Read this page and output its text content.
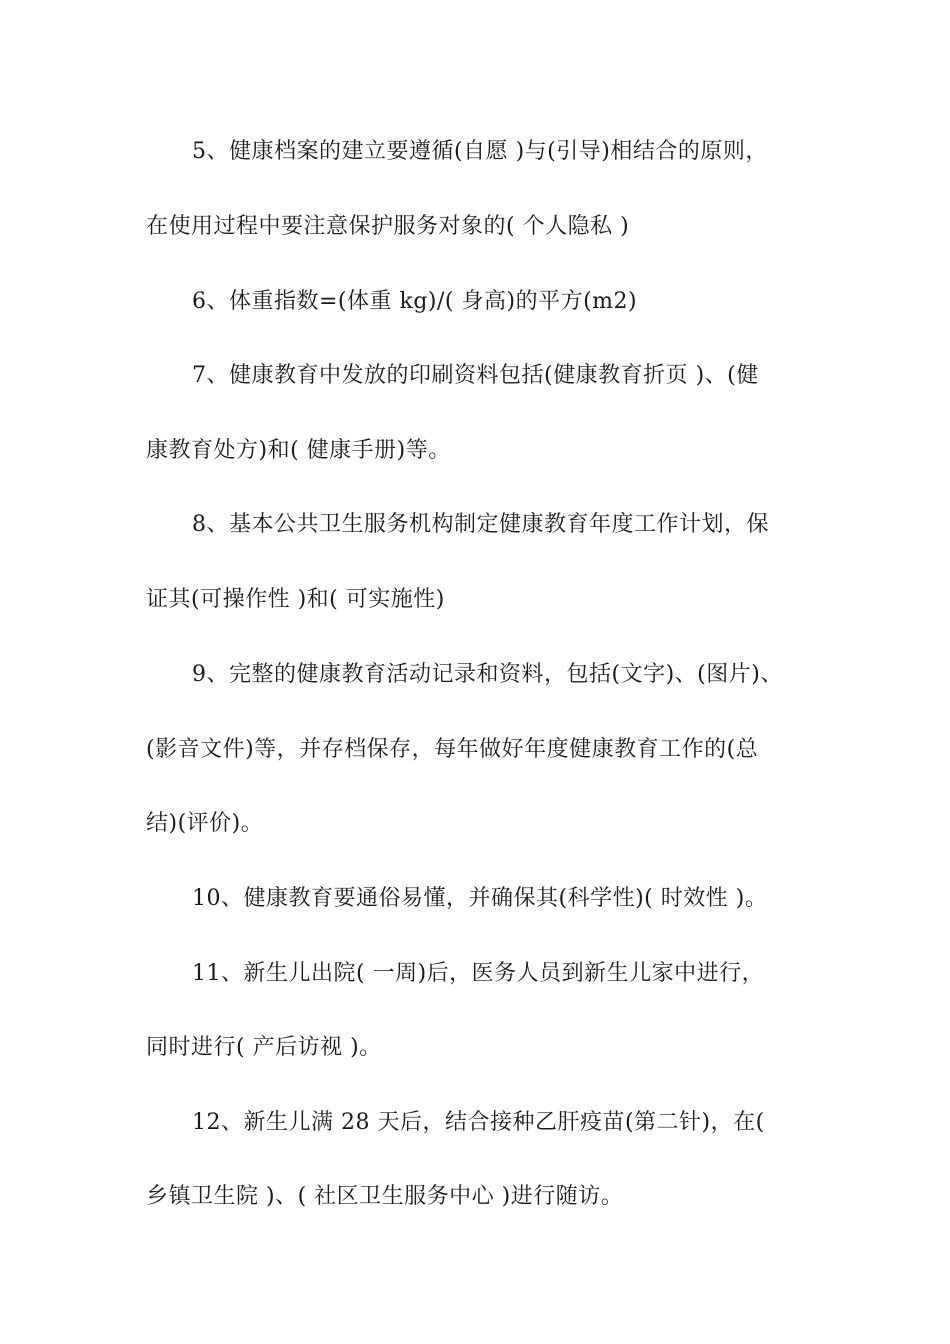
5、健康档案的建立要遵循(自愿 )与(引导)相结合的原则，
在使用过程中要注意保护服务对象的( 个人隐私 )
6、体重指数=(体重 kg)/( 身高)的平方(m2)
7、健康教育中发放的印刷资料包括(健康教育折页 )、(健
康教育处方)和( 健康手册)等。
8、基本公共卫生服务机构制定健康教育年度工作计划，保
证其(可操作性 )和( 可实施性)
9、完整的健康教育活动记录和资料，包括(文字)、(图片)、
(影音文件)等，并存档保存，每年做好年度健康教育工作的(总
结)(评价)。
10、健康教育要通俗易懂，并确保其(科学性)( 时效性 )。
11、新生儿出院( 一周)后，医务人员到新生儿家中进行，
同时进行( 产后访视 )。
12、新生儿满 28 天后，结合接种乙肝疫苗(第二针)，在(
乡镇卫生院 )、( 社区卫生服务中心 )进行随访。
